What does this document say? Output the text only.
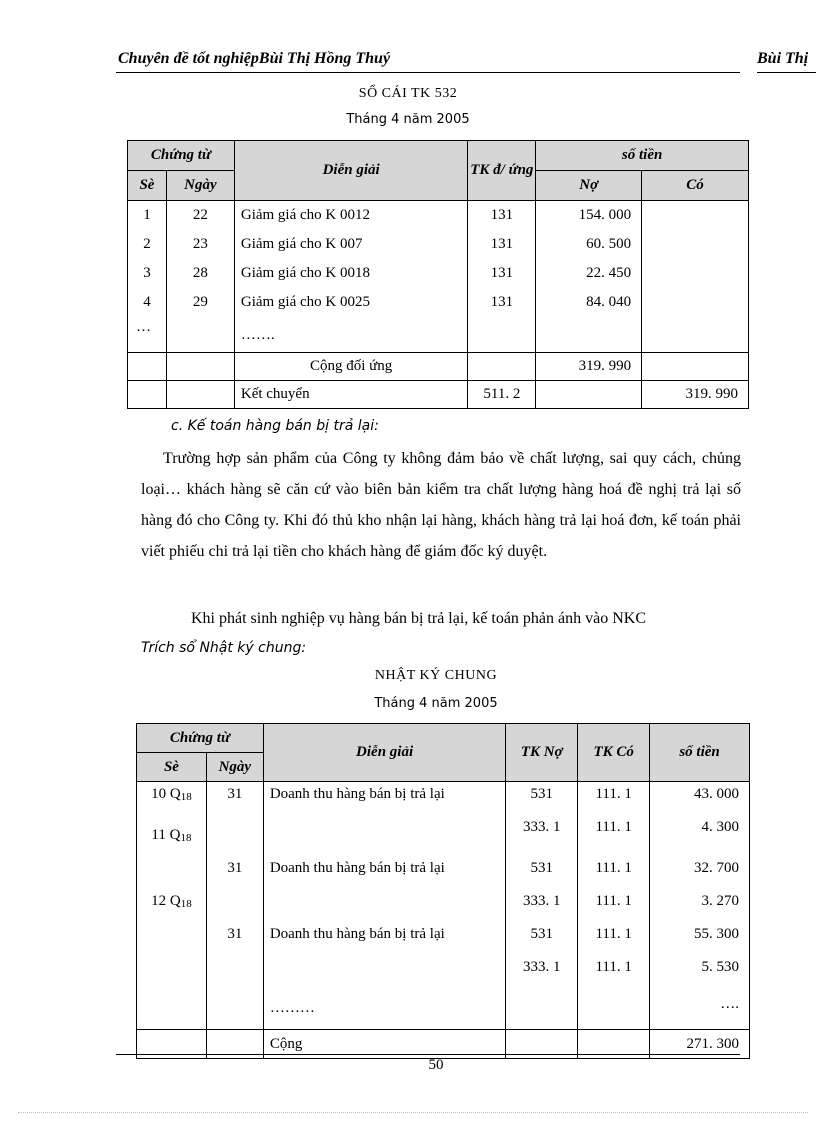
Chuyên đề tốt nghiệpBùi Thị Hồng Thuý	Bùi Thị
SỔ CÁI TK 532
Tháng 4 năm 2005
Chứng từ		Diễn giải	TK đ/ ứng	số tiền	
Sè	Ngày			Nợ	Có
1	22	Giảm giá cho K 0012	131	154. 000	
2	23	Giảm giá cho K 007	131	60. 500	
3	28	Giảm giá cho K 0018	131	22. 450	
4	29	Giảm giá cho K 0025	131	84. 040	
…		…….			
		Cộng đối ứng		319. 990	
		Kết chuyển	511. 2		319. 990
c. Kế toán hàng bán bị trả lại:
Trường hợp sản phẩm của Công ty không đảm bảo về chất lượng, sai quy cách, chủng loại… khách hàng sẽ căn cứ vào biên bản kiểm tra chất lượng hàng hoá đề nghị trả lại số hàng đó cho Công ty. Khi đó thủ kho nhận lại hàng, khách hàng trả lại hoá đơn, kế toán phải viết phiếu chi trả lại tiền cho khách hàng để giám đốc ký duyệt.
Khi phát sinh nghiệp vụ hàng bán bị trả lại, kế toán phản ánh vào NKC
Trích sổ Nhật ký chung:
NHẬT KÝ CHUNG
Tháng 4 năm 2005
Chứng từ		Diễn giải	TK Nợ	TK Có	số tiền
Sè	Ngày				
10 $Q_{18}$	31	Doanh thu hàng bán bị trả lại	531	111. 1	43. 000
11 $Q_{18}$			333. 1	111. 1	4. 300
	31	Doanh thu hàng bán bị trả lại	531	111. 1	32. 700
12 $Q_{18}$			333. 1	111. 1	3. 270
	31	Doanh thu hàng bán bị trả lại	531	111. 1	55. 300
			333. 1	111. 1	5. 530
		………			….
		Cộng			271. 300
50
